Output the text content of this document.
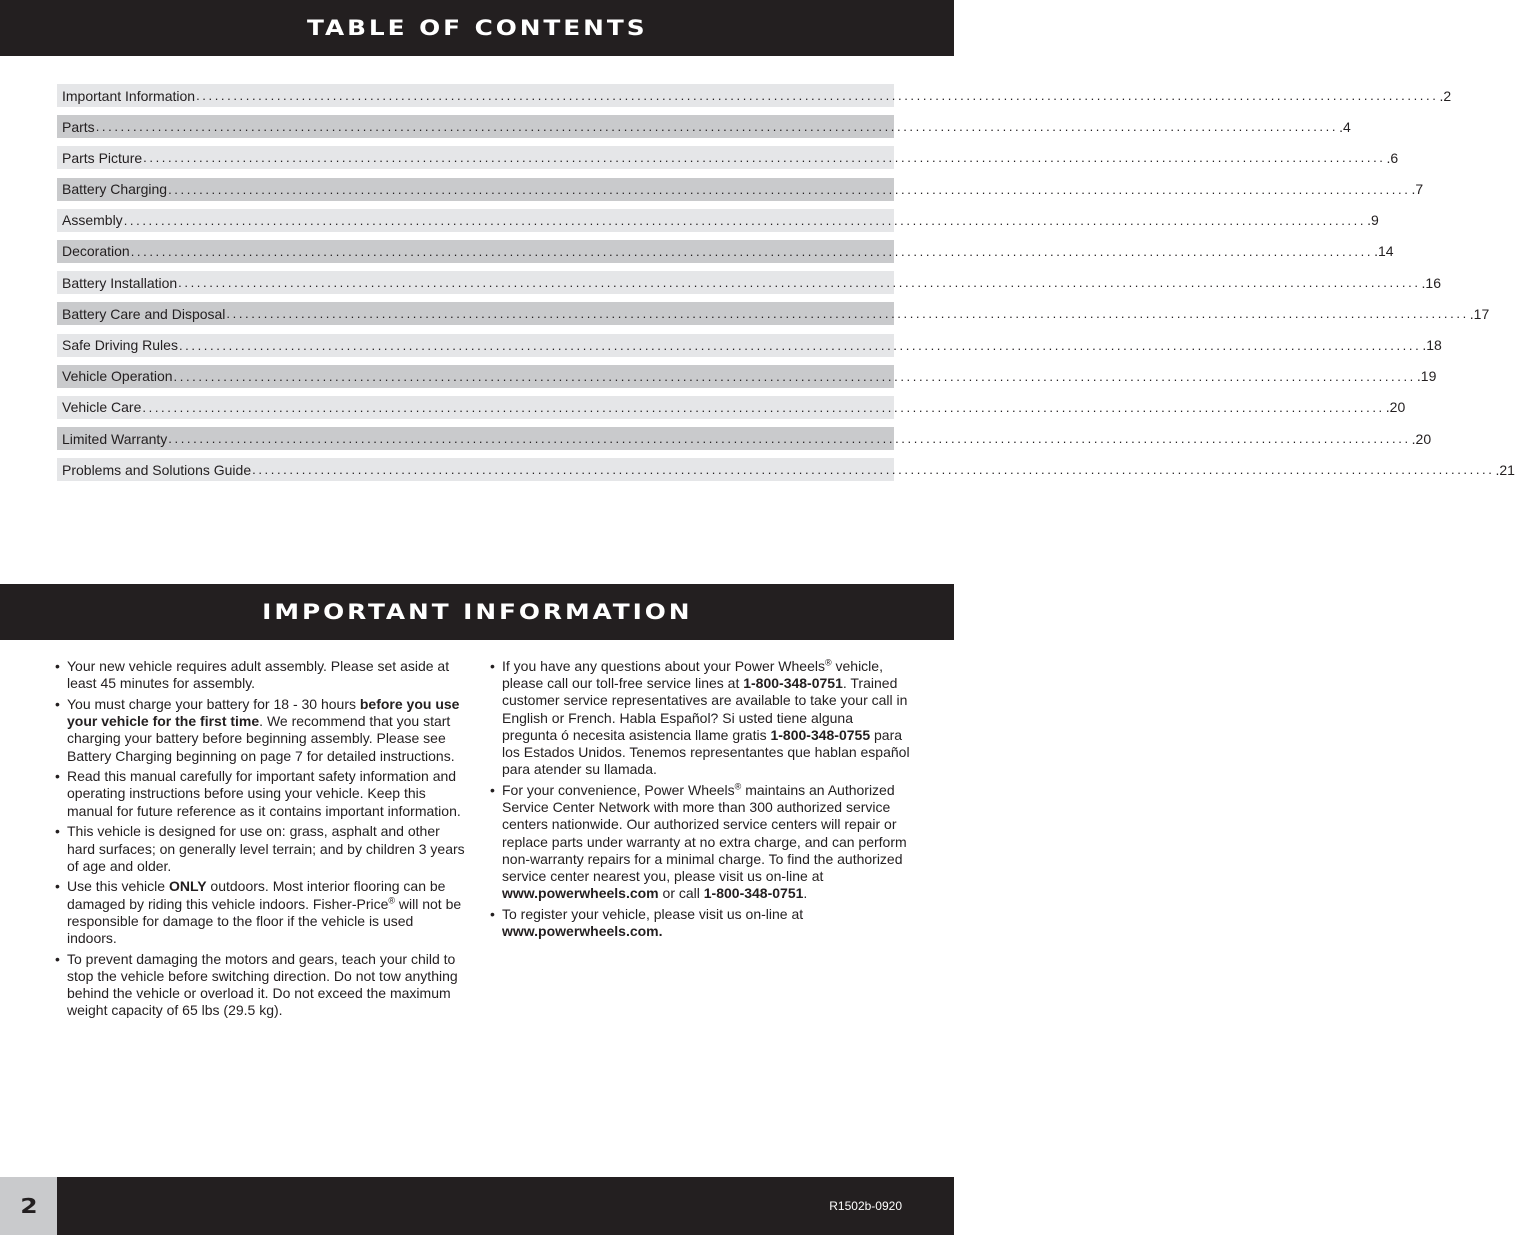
TABLE OF CONTENTS
Important Information ........................................................................................................................................................................................................ .2
Parts ........................................................................................................................................................................................................ .4
Parts Picture ........................................................................................................................................................................................................ .6
Battery Charging ........................................................................................................................................................................................................ .7
Assembly ........................................................................................................................................................................................................ .9
Decoration ........................................................................................................................................................................................................ .14
Battery Installation ........................................................................................................................................................................................................ .16
Battery Care and Disposal ........................................................................................................................................................................................................ .17
Safe Driving Rules ........................................................................................................................................................................................................ .18
Vehicle Operation ........................................................................................................................................................................................................ .19
Vehicle Care ........................................................................................................................................................................................................ .20
Limited Warranty ........................................................................................................................................................................................................ .20
Problems and Solutions Guide ........................................................................................................................................................................................................ .21
IMPORTANT INFORMATION
• Your new vehicle requires adult assembly. Please set aside at least 45 minutes for assembly.
• You must charge your battery for 18 - 30 hours before you use your vehicle for the first time. We recommend that you start charging your battery before beginning assembly. Please see Battery Charging beginning on page 7 for detailed instructions.
• Read this manual carefully for important safety information and operating instructions before using your vehicle. Keep this manual for future reference as it contains important information.
• This vehicle is designed for use on: grass, asphalt and other hard surfaces; on generally level terrain; and by children 3 years of age and older.
• Use this vehicle ONLY outdoors. Most interior flooring can be damaged by riding this vehicle indoors. Fisher-Price® will not be responsible for damage to the floor if the vehicle is used indoors.
• To prevent damaging the motors and gears, teach your child to stop the vehicle before switching direction. Do not tow anything behind the vehicle or overload it. Do not exceed the maximum weight capacity of 65 lbs (29.5 kg).
• If you have any questions about your Power Wheels® vehicle, please call our toll-free service lines at 1-800-348-0751. Trained customer service representatives are available to take your call in English or French. Habla Español? Si usted tiene alguna pregunta ó necesita asistencia llame gratis 1-800-348-0755 para los Estados Unidos. Tenemos representantes que hablan español para atender su llamada.
• For your convenience, Power Wheels® maintains an Authorized Service Center Network with more than 300 authorized service centers nationwide. Our authorized service centers will repair or replace parts under warranty at no extra charge, and can perform non-warranty repairs for a minimal charge. To find the authorized service center nearest you, please visit us on-line at www.powerwheels.com or call 1-800-348-0751.
• To register your vehicle, please visit us on-line at www.powerwheels.com.
2	R1502b-0920
